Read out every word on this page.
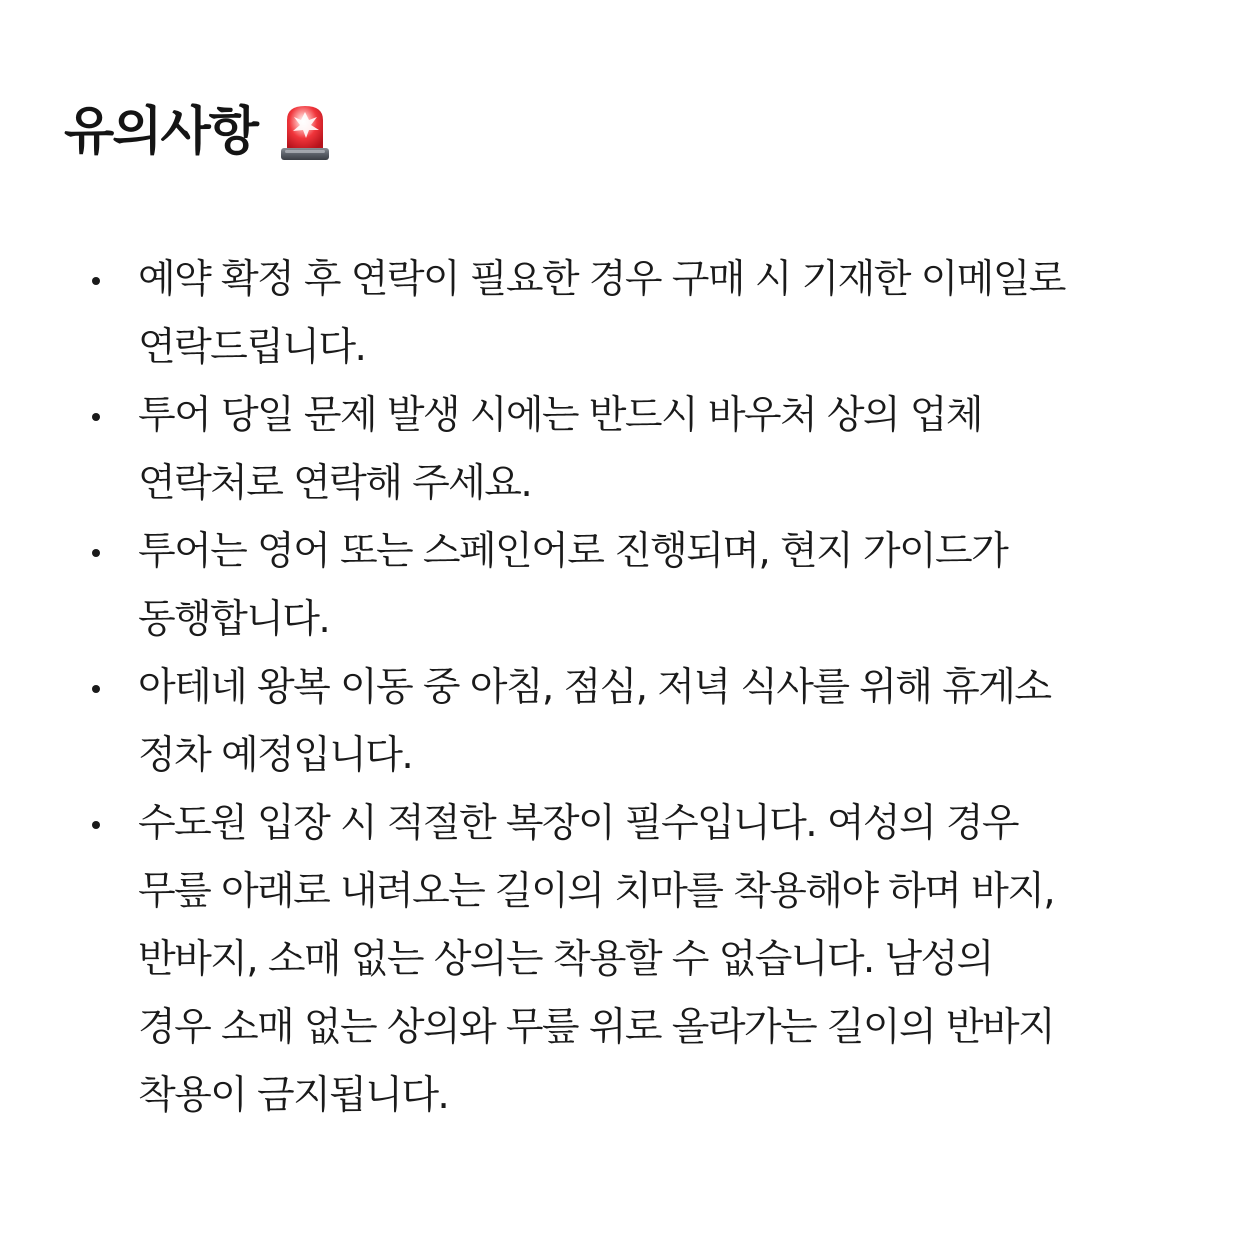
유의사항
예약 확정 후 연락이 필요한 경우 구매 시 기재한 이메일로
연락드립니다.
투어 당일 문제 발생 시에는 반드시 바우처 상의 업체
연락처로 연락해 주세요.
투어는 영어 또는 스페인어로 진행되며, 현지 가이드가
동행합니다.
아테네 왕복 이동 중 아침, 점심, 저녁 식사를 위해 휴게소
정차 예정입니다.
수도원 입장 시 적절한 복장이 필수입니다. 여성의 경우
무릎 아래로 내려오는 길이의 치마를 착용해야 하며 바지,
반바지, 소매 없는 상의는 착용할 수 없습니다. 남성의
경우 소매 없는 상의와 무릎 위로 올라가는 길이의 반바지
착용이 금지됩니다.
